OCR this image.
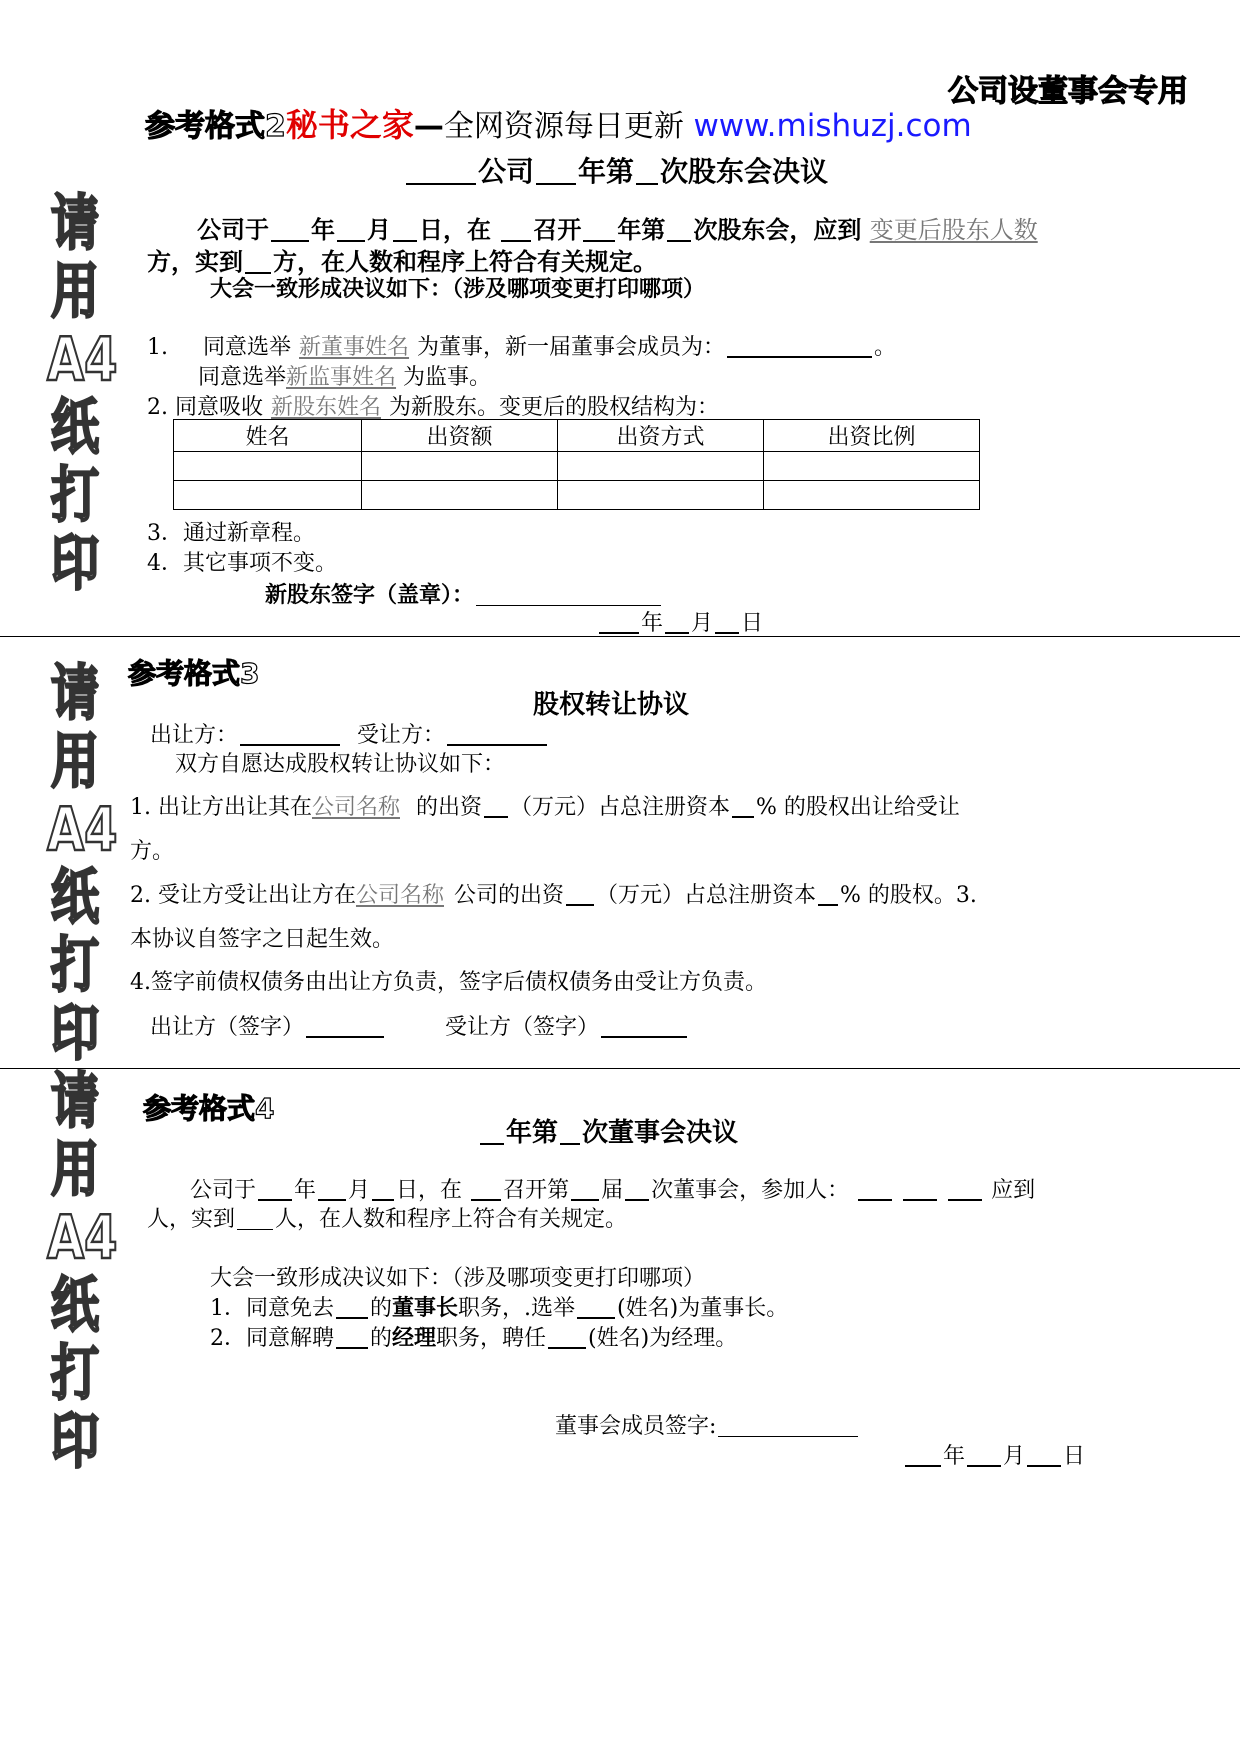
公司设董事会专用
请
用
A4
纸
打
印
请
用
A4
纸
打
印
请
用
A4
纸
打
印
参考格式2秘书之家—全网资源每日更新 www.mishuzj.com
公司 年第 次股东会决议
公司于 年 月 日，在 召开 年第 次股东会，应到 变更后股东人数
方，实到 方，在人数和程序上符合有关规定。
大会一致形成决议如下：（涉及哪项变更打印哪项）
1. 同意选举 新董事姓名 为董事，新一届董事会成员为：	。
同意选举新监事姓名 为监事。
2. 同意吸收 新股东姓名 为新股东。变更后的股权结构为：
姓名	出资额	出资方式	出资比例

3．通过新章程。
4．其它事项不变。
新股东签字（盖章）：
年 月 日
参考格式3
股权转让协议
出让方：	受让方：
双方自愿达成股权转让协议如下：
1. 出让方出让其在公司名称 的出资 （万元）占总注册资本 % 的股权出让给受让
方。
2. 受让方受让出让方在公司名称 公司的出资 （万元）占总注册资本 % 的股权。3.
本协议自签字之日起生效。
4.签字前债权债务由出让方负责，签字后债权债务由受让方负责。
出让方（签字）	受让方（签字）
参考格式4
年第 次董事会决议
公司于 年 月 日，在 召开第 届 次董事会，参加人：	应到
人，实到 人，在人数和程序上符合有关规定。
大会一致形成决议如下：（涉及哪项变更打印哪项）
1．同意免去 的董事长职务，.选举 (姓名)为董事长。
2．同意解聘 的经理职务，聘任 (姓名)为经理。
董事会成员签字:
年 月 日
